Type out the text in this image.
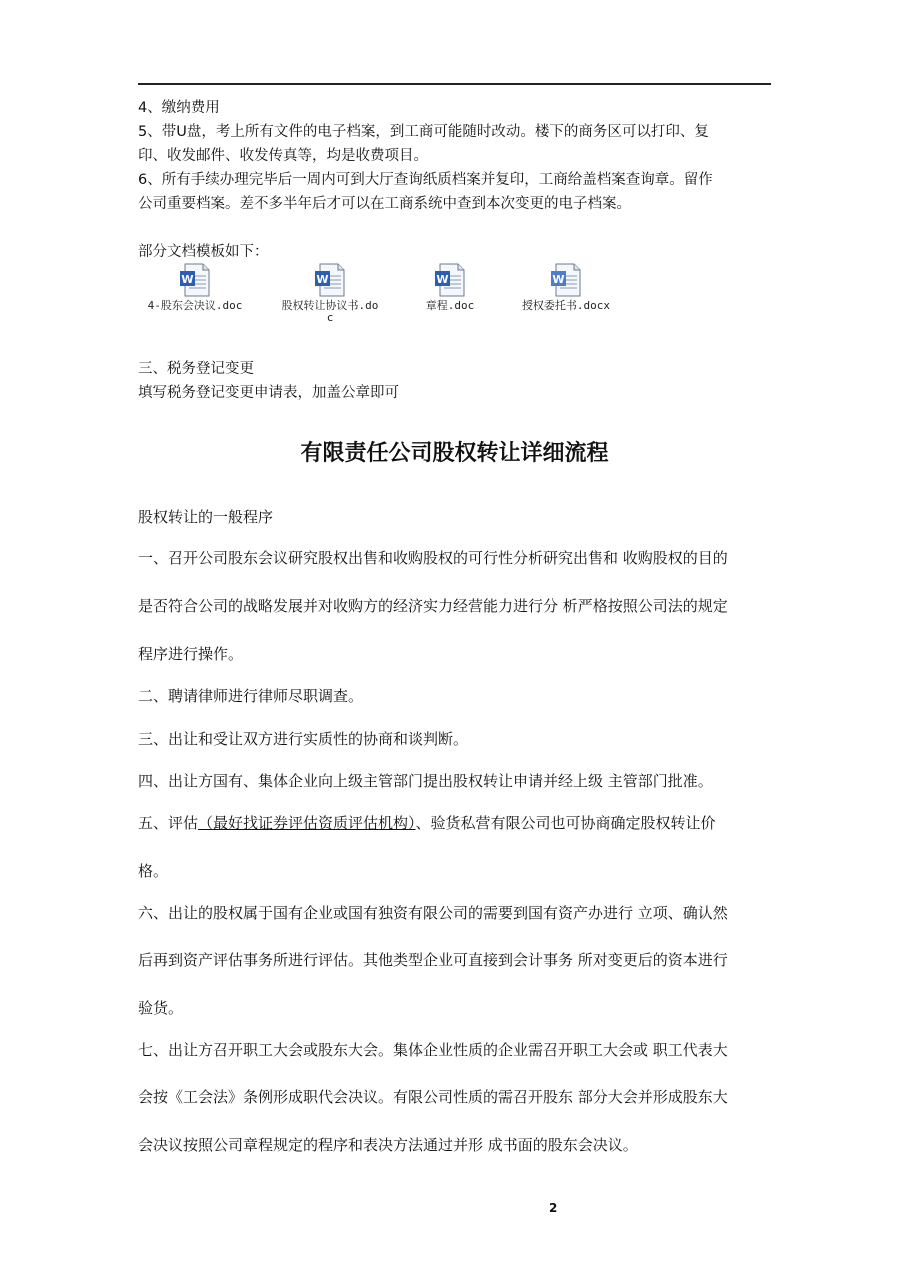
4、缴纳费用

5、带U盘，考上所有文件的电子档案，到工商可能随时改动。楼下的商务区可以打印、复

印、收发邮件、收发传真等，均是收费项目。

6、所有手续办理完毕后一周内可到大厅查询纸质档案并复印，工商给盖档案查询章。留作

公司重要档案。差不多半年后才可以在工商系统中查到本次变更的电子档案。

部分文档模板如下：

W
4-股东会决议.doc
W
股权转让协议书.do
c
W
章程.doc
W
授权委托书.docx

三、税务登记变更

填写税务登记变更申请表，加盖公章即可

有限责任公司股权转让详细流程

股权转让的一般程序

一、召开公司股东会议研究股权出售和收购股权的可行性分析研究出售和 收购股权的目的

是否符合公司的战略发展并对收购方的经济实力经营能力进行分 析严格按照公司法的规定

程序进行操作。

二、聘请律师进行律师尽职调查。

三、出让和受让双方进行实质性的协商和谈判断。

四、出让方国有、集体企业向上级主管部门提出股权转让申请并经上级 主管部门批准。

五、评估（最好找证券评估资质评估机构）、验货私营有限公司也可协商确定股权转让价

格。

六、出让的股权属于国有企业或国有独资有限公司的需要到国有资产办进行 立项、确认然

后再到资产评估事务所进行评估。其他类型企业可直接到会计事务 所对变更后的资本进行

验货。

七、出让方召开职工大会或股东大会。集体企业性质的企业需召开职工大会或 职工代表大

会按《工会法》条例形成职代会决议。有限公司性质的需召开股东 部分大会并形成股东大

会决议按照公司章程规定的程序和表决方法通过并形 成书面的股东会决议。

2
